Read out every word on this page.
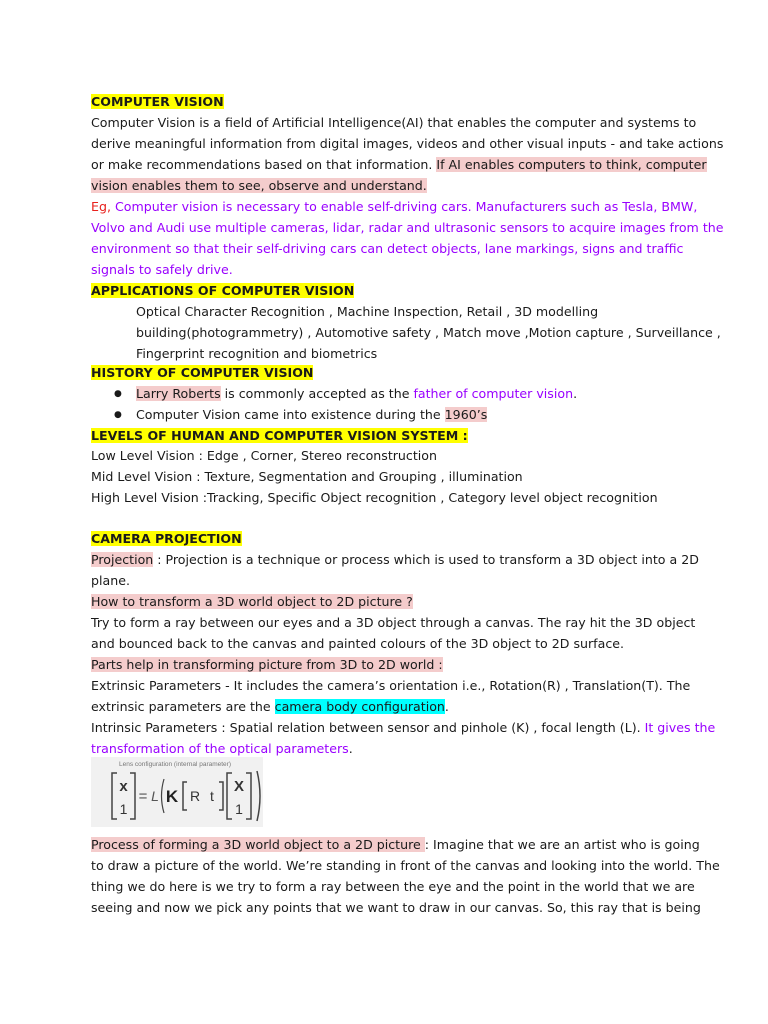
COMPUTER VISION
Computer Vision is a field of Artificial Intelligence(AI) that enables the computer and systems to
derive meaningful information from digital images, videos and other visual inputs - and take actions
or make recommendations based on that information. If AI enables computers to think, computer
vision enables them to see, observe and understand.
Eg, Computer vision is necessary to enable self-driving cars. Manufacturers such as Tesla, BMW,
Volvo and Audi use multiple cameras, lidar, radar and ultrasonic sensors to acquire images from the
environment so that their self-driving cars can detect objects, lane markings, signs and traffic
signals to safely drive.
APPLICATIONS OF COMPUTER VISION
Optical Character Recognition , Machine Inspection, Retail , 3D modelling
building(photogrammetry) , Automotive safety , Match move ,Motion capture , Surveillance ,
Fingerprint recognition and biometrics
HISTORY OF COMPUTER VISION
● Larry Roberts is commonly accepted as the father of computer vision.
● Computer Vision came into existence during the 1960’s
LEVELS OF HUMAN AND COMPUTER VISION SYSTEM :
Low Level Vision : Edge , Corner, Stereo reconstruction
Mid Level Vision : Texture, Segmentation and Grouping , illumination
High Level Vision :Tracking, Specific Object recognition , Category level object recognition
CAMERA PROJECTION
Projection : Projection is a technique or process which is used to transform a 3D object into a 2D
plane.
How to transform a 3D world object to 2D picture ?
Try to form a ray between our eyes and a 3D object through a canvas. The ray hit the 3D object
and bounced back to the canvas and painted colours of the 3D object to 2D surface.
Parts help in transforming picture from 3D to 2D world :
Extrinsic Parameters - It includes the camera’s orientation i.e., Rotation(R) , Translation(T). The
extrinsic parameters are the camera body configuration.
Intrinsic Parameters : Spatial relation between sensor and pinhole (K) , focal length (L). It gives the
transformation of the optical parameters.
Lens configuration (internal parameter)
x
1
= L K R t
X
1
Process of forming a 3D world object to a 2D picture : Imagine that we are an artist who is going
to draw a picture of the world. We’re standing in front of the canvas and looking into the world. The
thing we do here is we try to form a ray between the eye and the point in the world that we are
seeing and now we pick any points that we want to draw in our canvas. So, this ray that is being
